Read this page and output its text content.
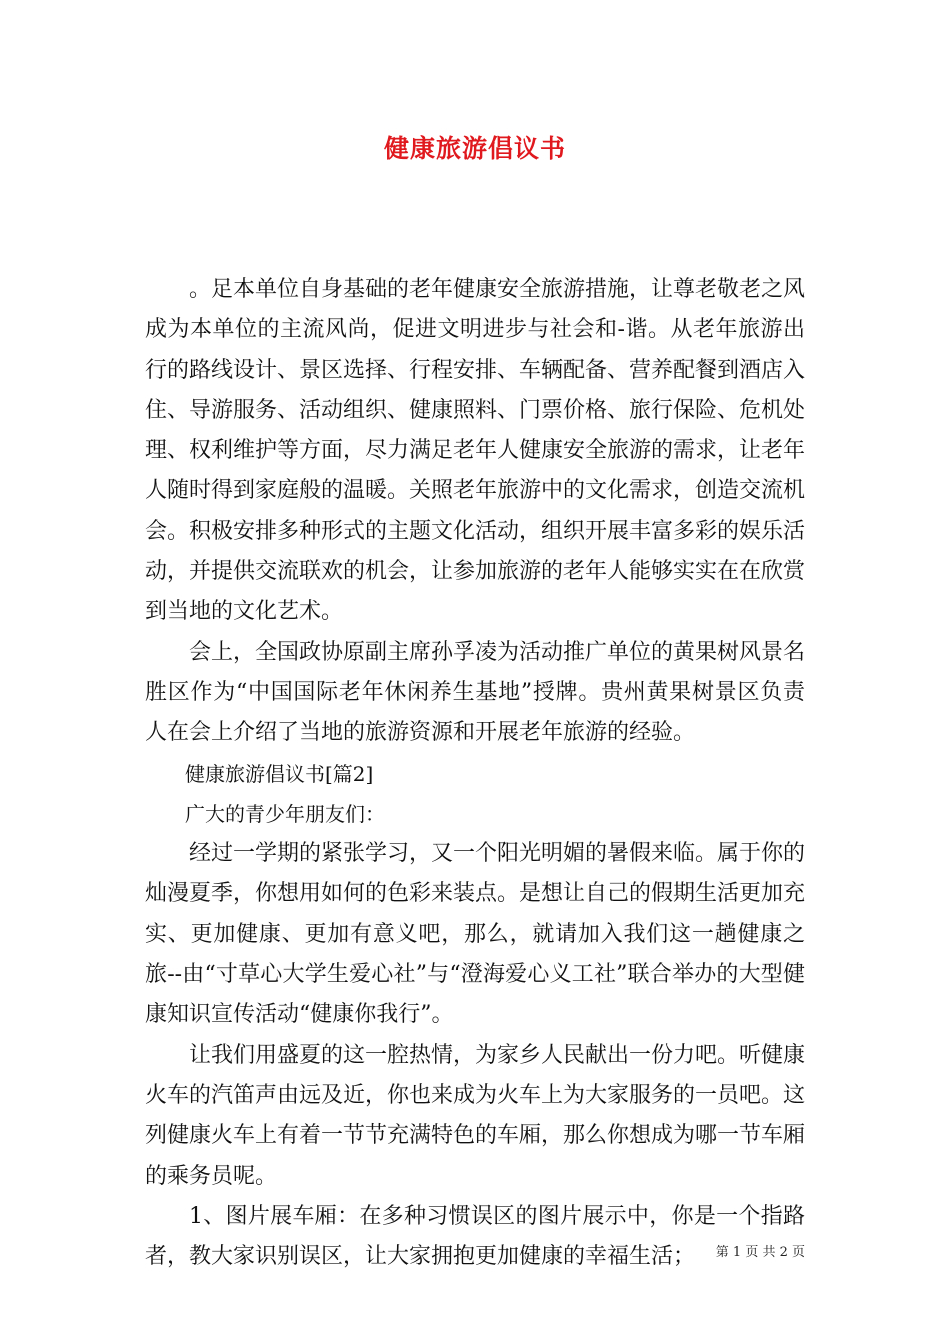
健康旅游倡议书

。足本单位自身基础的老年健康安全旅游措施，让尊老敬老之风成为本单位的主流风尚，促进文明进步与社会和-谐。从老年旅游出行的路线设计、景区选择、行程安排、车辆配备、营养配餐到酒店入住、导游服务、活动组织、健康照料、门票价格、旅行保险、危机处理、权利维护等方面，尽力满足老年人健康安全旅游的需求，让老年人随时得到家庭般的温暖。关照老年旅游中的文化需求，创造交流机会。积极安排多种形式的主题文化活动，组织开展丰富多彩的娱乐活动，并提供交流联欢的机会，让参加旅游的老年人能够实实在在欣赏到当地的文化艺术。

会上，全国政协原副主席孙孚凌为活动推广单位的黄果树风景名胜区作为“中国国际老年休闲养生基地”授牌。贵州黄果树景区负责人在会上介绍了当地的旅游资源和开展老年旅游的经验。

健康旅游倡议书[篇2]

广大的青少年朋友们：

经过一学期的紧张学习，又一个阳光明媚的暑假来临。属于你的灿漫夏季，你想用如何的色彩来装点。是想让自己的假期生活更加充实、更加健康、更加有意义吧，那么，就请加入我们这一趟健康之旅--由“寸草心大学生爱心社”与“澄海爱心义工社”联合举办的大型健康知识宣传活动“健康你我行”。

让我们用盛夏的这一腔热情，为家乡人民献出一份力吧。听健康火车的汽笛声由远及近，你也来成为火车上为大家服务的一员吧。这列健康火车上有着一节节充满特色的车厢，那么你想成为哪一节车厢的乘务员呢。

1、图片展车厢：在多种习惯误区的图片展示中，你是一个指路者，教大家识别误区，让大家拥抱更加健康的幸福生活；	第 1 页 共 2 页
